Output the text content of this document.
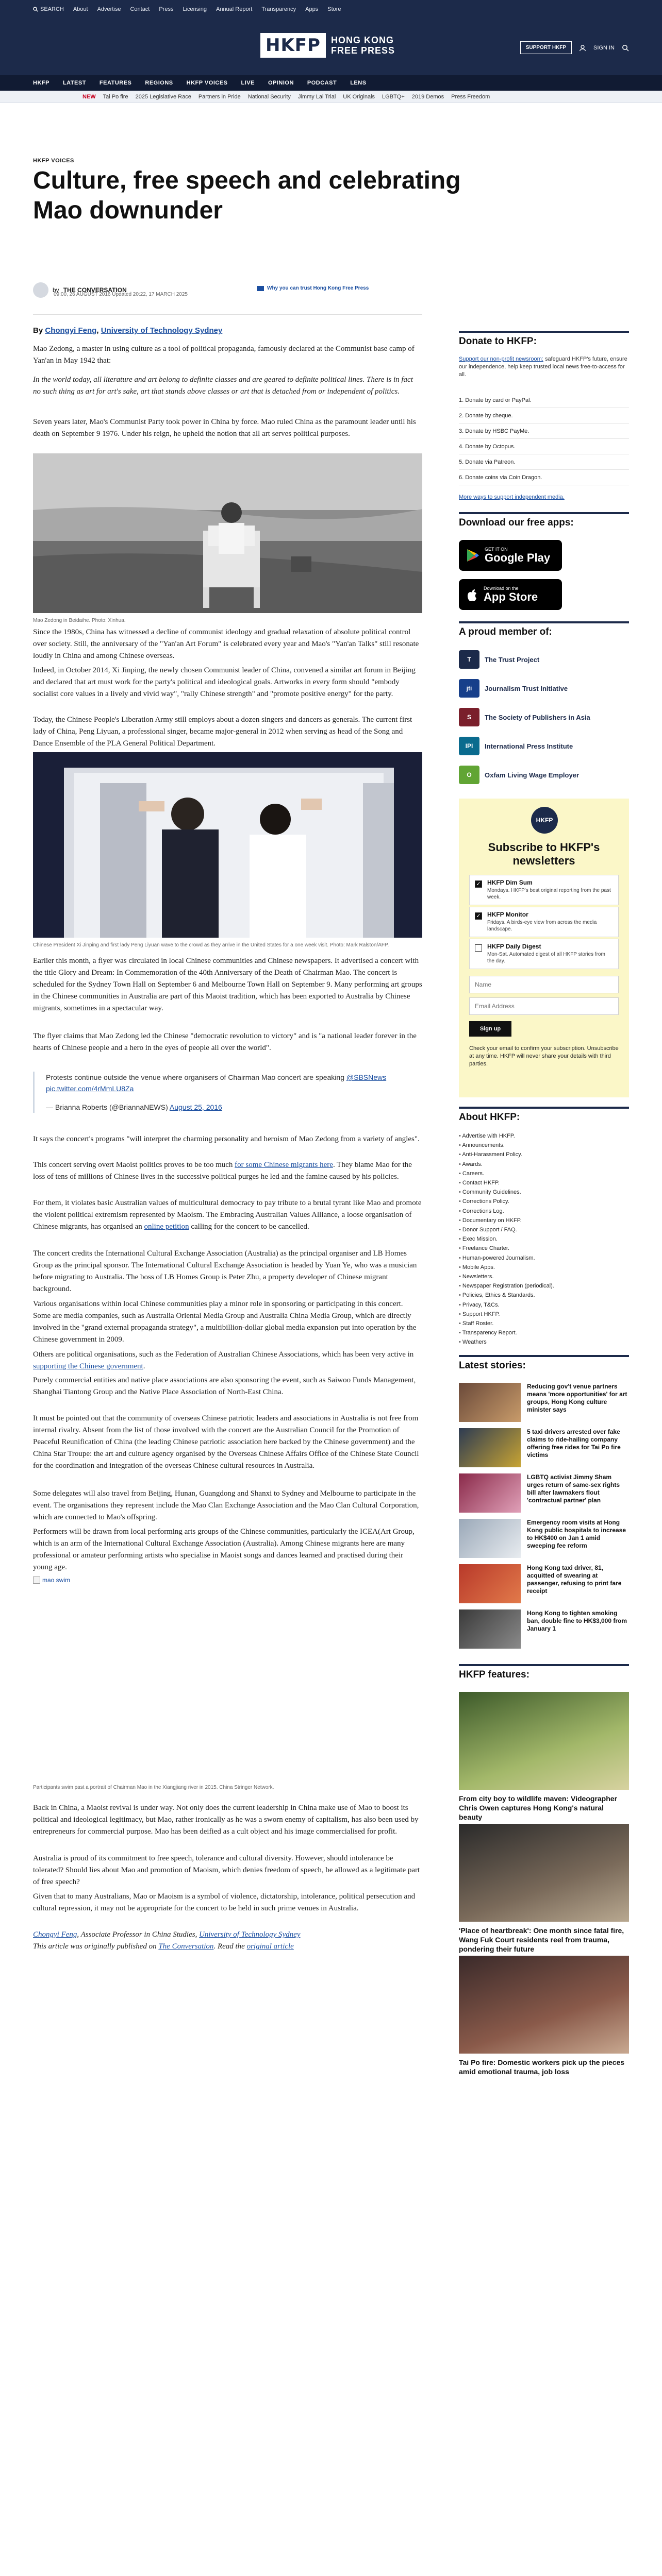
SEARCH About Advertise Contact Press Licensing Annual Report Transparency Apps Store
HKFP	HONG KONG
FREE PRESS	SUPPORT HKFP	SIGN IN
HKFP LATEST FEATURES REGIONS HKFP VOICES LIVE OPINION PODCAST LENS
NEW Tai Po fire 2025 Legislative Race Partners in Pride National Security Jimmy Lai Trial UK Originals LGBTQ+ 2019 Demos Press Freedom
HKFP VOICES
Culture, free speech and celebrating Mao downunder
by THE CONVERSATION
09:00, 26 AUGUST 2016 Updated 20:22, 17 MARCH 2025
Why you can trust Hong Kong Free Press
By Chongyi Feng, University of Technology Sydney

Mao Zedong, a master in using culture as a tool of political propaganda, famously declared at the Communist base camp of Yan'an in May 1942 that:

In the world today, all literature and art belong to definite classes and are geared to definite political lines. There is in fact no such thing as art for art's sake, art that stands above classes or art that is detached from or independent of politics.

Seven years later, Mao's Communist Party took power in China by force. Mao ruled China as the paramount leader until his death on September 9 1976. Under his reign, he upheld the notion that all art serves political purposes.

Mao Zedong in Beidaihe. Photo: Xinhua.

Since the 1980s, China has witnessed a decline of communist ideology and gradual relaxation of absolute political control over society. Still, the anniversary of the "Yan'an Art Forum" is celebrated every year and Mao's "Yan'an Talks" still resonate loudly in China and among Chinese overseas.

Indeed, in October 2014, Xi Jinping, the newly chosen Communist leader of China, convened a similar art forum in Beijing and declared that art must work for the party's political and ideological goals. Artworks in every form should "embody socialist core values in a lively and vivid way", "rally Chinese strength" and "promote positive energy" for the party.

Today, the Chinese People's Liberation Army still employs about a dozen singers and dancers as generals. The current first lady of China, Peng Liyuan, a professional singer, became major-general in 2012 when serving as head of the Song and Dance Ensemble of the PLA General Political Department.

Chinese President Xi Jinping and first lady Peng Liyuan wave to the crowd as they arrive in the United States for a one week visit. Photo: Mark Ralston/AFP.

Earlier this month, a flyer was circulated in local Chinese communities and Chinese newspapers. It advertised a concert with the title Glory and Dream: In Commemoration of the 40th Anniversary of the Death of Chairman Mao. The concert is scheduled for the Sydney Town Hall on September 6 and Melbourne Town Hall on September 9. Many performing art groups in the Chinese communities in Australia are part of this Maoist tradition, which has been exported to Australia by Chinese migrants, sometimes in a spectacular way.

The flyer claims that Mao Zedong led the Chinese "democratic revolution to victory" and is "a national leader forever in the hearts of Chinese people and a hero in the eyes of people all over the world".

Protests continue outside the venue where organisers of Chairman Mao concert are speaking @SBSNews pic.twitter.com/4rMmLU8Za
— Brianna Roberts (@BriannaNEWS) August 25, 2016

It says the concert's programs "will interpret the charming personality and heroism of Mao Zedong from a variety of angles".

This concert serving overt Maoist politics proves to be too much for some Chinese migrants here. They blame Mao for the loss of tens of millions of Chinese lives in the successive political purges he led and the famine caused by his policies.

For them, it violates basic Australian values of multicultural democracy to pay tribute to a brutal tyrant like Mao and promote the violent political extremism represented by Maoism. The Embracing Australian Values Alliance, a loose organisation of Chinese migrants, has organised an online petition calling for the concert to be cancelled.

The concert credits the International Cultural Exchange Association (Australia) as the principal organiser and LB Homes Group as the principal sponsor. The International Cultural Exchange Association is headed by Yuan Ye, who was a musician before migrating to Australia. The boss of LB Homes Group is Peter Zhu, a property developer of Chinese migrant background.

Various organisations within local Chinese communities play a minor role in sponsoring or participating in this concert. Some are media companies, such as Australia Oriental Media Group and Australia China Media Group, which are directly involved in the "grand external propaganda strategy", a multibillion-dollar global media expansion put into operation by the Chinese government in 2009.

Others are political organisations, such as the Federation of Australian Chinese Associations, which has been very active in supporting the Chinese government.

Purely commercial entities and native place associations are also sponsoring the event, such as Saiwoo Funds Management, Shanghai Tiantong Group and the Native Place Association of North-East China.

It must be pointed out that the community of overseas Chinese patriotic leaders and associations in Australia is not free from internal rivalry. Absent from the list of those involved with the concert are the Australian Council for the Promotion of Peaceful Reunification of China (the leading Chinese patriotic association here backed by the Chinese government) and the China Star Troupe: the art and culture agency organised by the Overseas Chinese Affairs Office of the Chinese State Council for the coordination and integration of the overseas Chinese cultural resources in Australia.

Some delegates will also travel from Beijing, Hunan, Guangdong and Shanxi to Sydney and Melbourne to participate in the event. The organisations they represent include the Mao Clan Exchange Association and the Mao Clan Cultural Corporation, which are connected to Mao's offspring.

Performers will be drawn from local performing arts groups of the Chinese communities, particularly the ICEA(Art Group, which is an arm of the International Cultural Exchange Association (Australia). Among Chinese migrants here are many professional or amateur performing artists who specialise in Maoist songs and dances learned and practised during their young age.

mao swim
Participants swim past a portrait of Chairman Mao in the Xiangjiang river in 2015. China Stringer Network.

Back in China, a Maoist revival is under way. Not only does the current leadership in China make use of Mao to boost its political and ideological legitimacy, but Mao, rather ironically as he was a sworn enemy of capitalism, has also been used by entrepreneurs for commercial purpose. Mao has been deified as a cult object and his image commercialised for profit.

Australia is proud of its commitment to free speech, tolerance and cultural diversity. However, should intolerance be tolerated? Should lies about Mao and promotion of Maoism, which denies freedom of speech, be allowed as a legitimate part of free speech?

Given that to many Australians, Mao or Maoism is a symbol of violence, dictatorship, intolerance, political persecution and cultural repression, it may not be appropriate for the concert to be held in such prime venues in Australia.

Chongyi Feng, Associate Professor in China Studies, University of Technology Sydney
This article was originally published on The Conversation. Read the original article

Donate to HKFP:
Support our non-profit newsroom: safeguard HKFP's future, ensure our independence, help keep trusted local news free-to-access for all.
1. Donate by card or PayPal.
2. Donate by cheque.
3. Donate by HSBC PayMe.
4. Donate by Octopus.
5. Donate via Patreon.
6. Donate coins via Coin Dragon.
More ways to support independent media.
Download our free apps:
GET IT ON
Google Play
Download on the
App Store
A proud member of:
T	The Trust Project
jti	Journalism Trust Initiative
S	The Society of Publishers in Asia
IPI	International Press Institute
O	Oxfam Living Wage Employer
HKFP
Subscribe to HKFP's newsletters
✓ HKFP Dim Sum
Mondays. HKFP's best original reporting from the past week.
✓ HKFP Monitor
Fridays. A birds-eye view from across the media landscape.
HKFP Daily Digest
Mon-Sat. Automated digest of all HKFP stories from the day.
Name
Email Address
Sign up
Check your email to confirm your subscription. Unsubscribe at any time. HKFP will never share your details with third parties.
About HKFP:
• Advertise with HKFP.
• Announcements.
• Anti-Harassment Policy.
• Awards.
• Careers.
• Contact HKFP.
• Community Guidelines.
• Corrections Policy.
• Corrections Log.
• Documentary on HKFP.
• Donor Support / FAQ.
• Exec Mission.
• Freelance Charter.
• Human-powered Journalism.
• Mobile Apps.
• Newsletters.
• Newspaper Registration (periodical).
• Policies, Ethics & Standards.
• Privacy, T&Cs.
• Support HKFP.
• Staff Roster.
• Transparency Report.
• Weathers
Latest stories:
Reducing gov't venue partners means 'more opportunities' for art groups, Hong Kong culture minister says
5 taxi drivers arrested over fake claims to ride-hailing company offering free rides for Tai Po fire victims
LGBTQ activist Jimmy Sham urges return of same-sex rights bill after lawmakers flout 'contractual partner' plan
Emergency room visits at Hong Kong public hospitals to increase to HK$400 on Jan 1 amid sweeping fee reform
Hong Kong taxi driver, 81, acquitted of swearing at passenger, refusing to print fare receipt
Hong Kong to tighten smoking ban, double fine to HK$3,000 from January 1
HKFP features:
From city boy to wildlife maven: Videographer Chris Owen captures Hong Kong's natural beauty
'Place of heartbreak': One month since fatal fire, Wang Fuk Court residents reel from trauma, pondering their future
Tai Po fire: Domestic workers pick up the pieces amid emotional trauma, job loss
